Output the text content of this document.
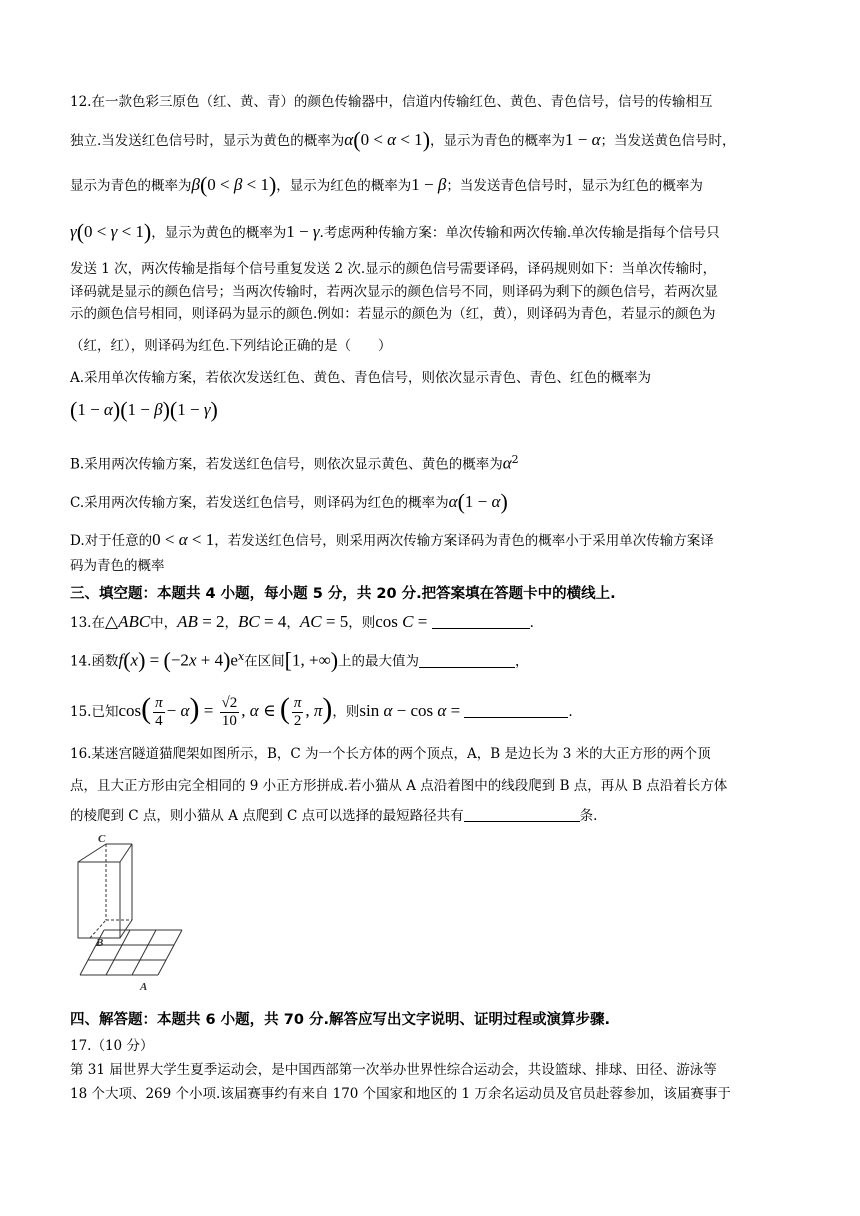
12.在一款色彩三原色（红、黄、青）的颜色传输器中，信道内传输红色、黄色、青色信号，信号的传输相互
独立.当发送红色信号时，显示为黄色的概率为α(0 < α < 1)，显示为青色的概率为1 − α；当发送黄色信号时，
显示为青色的概率为β(0 < β < 1)，显示为红色的概率为1 − β；当发送青色信号时，显示为红色的概率为
γ(0 < γ < 1)，显示为黄色的概率为1 − γ.考虑两种传输方案：单次传输和两次传输.单次传输是指每个信号只
发送 1 次，两次传输是指每个信号重复发送 2 次.显示的颜色信号需要译码，译码规则如下：当单次传输时，
译码就是显示的颜色信号；当两次传输时，若两次显示的颜色信号不同，则译码为剩下的颜色信号，若两次显
示的颜色信号相同，则译码为显示的颜色.例如：若显示的颜色为（红，黄），则译码为青色，若显示的颜色为
（红，红），则译码为红色.下列结论正确的是（　　）
A.采用单次传输方案，若依次发送红色、黄色、青色信号，则依次显示青色、青色、红色的概率为
(1 − α)(1 − β)(1 − γ)
B.采用两次传输方案，若发送红色信号，则依次显示黄色、黄色的概率为$\alpha^2$
C.采用两次传输方案，若发送红色信号，则译码为红色的概率为α(1 − α)
D.对于任意的0 < α < 1，若发送红色信号，则采用两次传输方案译码为青色的概率小于采用单次传输方案译
码为青色的概率
三、填空题：本题共 4 小题，每小题 5 分，共 20 分.把答案填在答题卡中的横线上.
13.在△ABC中，AB = 2，BC = 4，AC = 5，则cos C =	.
14.函数$f(x) = (-2x + 4)e^x$在区间[1, +∞)上的最大值为	，
15.已知$\cos( \frac{\pi}{4} - \alpha) = \frac{√2}{10}$ , α ∈ ( $\frac{\pi}{2}$ , π)，则sin α − cos α =	.
16.某迷宫隧道猫爬架如图所示，B，C 为一个长方体的两个顶点，A，B 是边长为 3 米的大正方形的两个顶
点，且大正方形由完全相同的 9 小正方形拼成.若小猫从 A 点沿着图中的线段爬到 B 点，再从 B 点沿着长方体
的棱爬到 C 点，则小猫从 A 点爬到 C 点可以选择的最短路径共有	条.
C
B
A
四、解答题：本题共 6 小题，共 70 分.解答应写出文字说明、证明过程或演算步骤.
17.（10 分）
第 31 届世界大学生夏季运动会，是中国西部第一次举办世界性综合运动会，共设篮球、排球、田径、游泳等
18 个大项、269 个小项.该届赛事约有来自 170 个国家和地区的 1 万余名运动员及官员赴蓉参加，该届赛事于
